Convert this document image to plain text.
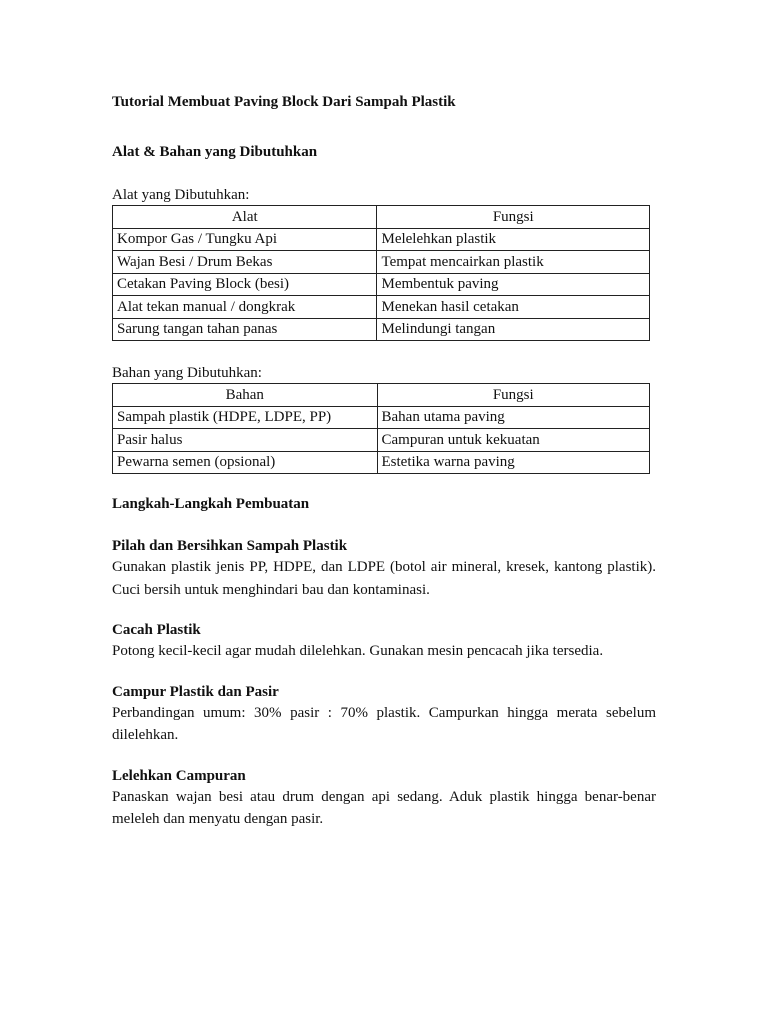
Tutorial Membuat Paving Block Dari Sampah Plastik

Alat & Bahan yang Dibutuhkan

Alat yang Dibutuhkan:

Alat	Fungsi
Kompor Gas / Tungku Api	Melelehkan plastik
Wajan Besi / Drum Bekas	Tempat mencairkan plastik
Cetakan Paving Block (besi)	Membentuk paving
Alat tekan manual / dongkrak	Menekan hasil cetakan
Sarung tangan tahan panas	Melindungi tangan

Bahan yang Dibutuhkan:

Bahan	Fungsi
Sampah plastik (HDPE, LDPE, PP)	Bahan utama paving
Pasir halus	Campuran untuk kekuatan
Pewarna semen (opsional)	Estetika warna paving

Langkah-Langkah Pembuatan

Pilah dan Bersihkan Sampah Plastik

Gunakan plastik jenis PP, HDPE, dan LDPE (botol air mineral, kresek, kantong plastik). Cuci bersih untuk menghindari bau dan kontaminasi.

Cacah Plastik

Potong kecil-kecil agar mudah dilelehkan. Gunakan mesin pencacah jika tersedia.

Campur Plastik dan Pasir

Perbandingan umum: 30% pasir : 70% plastik. Campurkan hingga merata sebelum dilelehkan.

Lelehkan Campuran

Panaskan wajan besi atau drum dengan api sedang. Aduk plastik hingga benar-benar meleleh dan menyatu dengan pasir.
